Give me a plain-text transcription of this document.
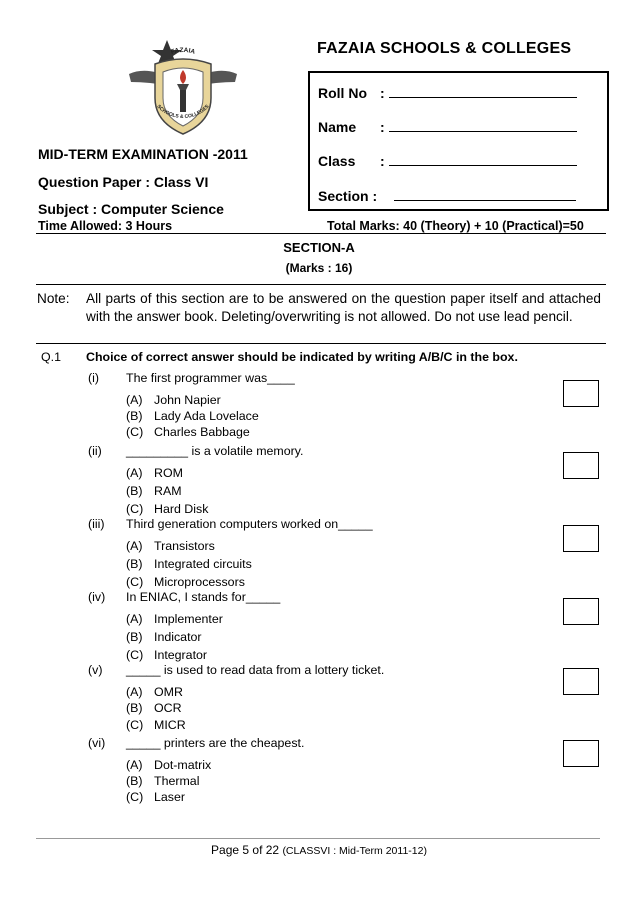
FAZAIA
SCHOOLS & COLLEGES
FAZAIA SCHOOLS & COLLEGES
Roll No :
Name :
Class :
Section :
MID-TERM EXAMINATION -2011
Question Paper : Class VI
Subject : Computer Science
Time Allowed: 3 Hours	Total Marks: 40 (Theory) + 10 (Practical)=50
SECTION-A
(Marks : 16)
Note: All parts of this section are to be answered on the question paper itself and attached with the answer book. Deleting/overwriting is not allowed. Do not use lead pencil.
Q.1 Choice of correct answer should be indicated by writing A/B/C in the box.
(i) The first programmer was____
(A) John Napier
(B) Lady Ada Lovelace
(C) Charles Babbage
(ii) _________ is a volatile memory.
(A) ROM
(B) RAM
(C) Hard Disk
(iii) Third generation computers worked on_____
(A) Transistors
(B) Integrated circuits
(C) Microprocessors
(iv) In ENIAC, I stands for_____
(A) Implementer
(B) Indicator
(C) Integrator
(v) _____ is used to read data from a lottery ticket.
(A) OMR
(B) OCR
(C) MICR
(vi) _____ printers are the cheapest.
(A) Dot-matrix
(B) Thermal
(C) Laser
Page 5 of 22 (CLASSVI : Mid-Term 2011-12)
